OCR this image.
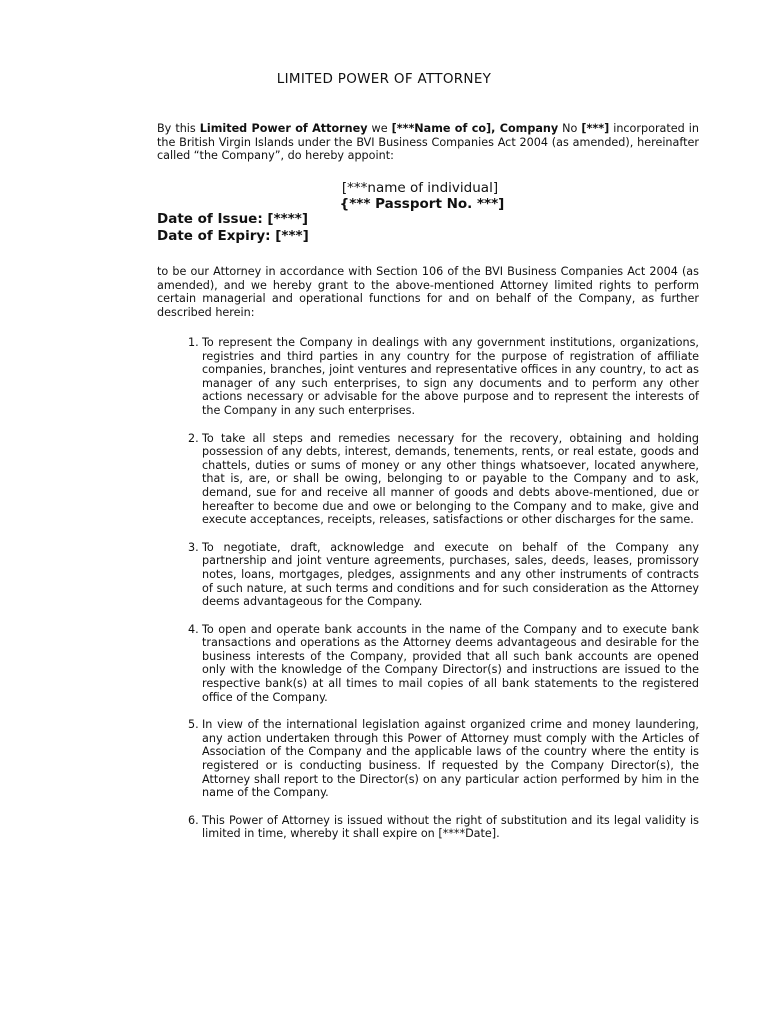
LIMITED POWER OF ATTORNEY

By this Limited Power of Attorney we [***Name of co], Company No [***] incorporated in the British Virgin Islands under the BVI Business Companies Act 2004 (as amended), hereinafter called “the Company”, do hereby appoint:

[***name of individual]
{*** Passport No. ***]
Date of Issue: [****]
Date of Expiry: [***]

to be our Attorney in accordance with Section 106 of the BVI Business Companies Act 2004 (as amended), and we hereby grant to the above-mentioned Attorney limited rights to perform certain managerial and operational functions for and on behalf of the Company, as further described herein:

1. To represent the Company in dealings with any government institutions, organizations, registries and third parties in any country for the purpose of registration of affiliate companies, branches, joint ventures and representative offices in any country, to act as manager of any such enterprises, to sign any documents and to perform any other actions necessary or advisable for the above purpose and to represent the interests of the Company in any such enterprises.
2. To take all steps and remedies necessary for the recovery, obtaining and holding possession of any debts, interest, demands, tenements, rents, or real estate, goods and chattels, duties or sums of money or any other things whatsoever, located anywhere, that is, are, or shall be owing, belonging to or payable to the Company and to ask, demand, sue for and receive all manner of goods and debts above-mentioned, due or hereafter to become due and owe or belonging to the Company and to make, give and execute acceptances, receipts, releases, satisfactions or other discharges for the same.
3. To negotiate, draft, acknowledge and execute on behalf of the Company any partnership and joint venture agreements, purchases, sales, deeds, leases, promissory notes, loans, mortgages, pledges, assignments and any other instruments of contracts of such nature, at such terms and conditions and for such consideration as the Attorney deems advantageous for the Company.
4. To open and operate bank accounts in the name of the Company and to execute bank transactions and operations as the Attorney deems advantageous and desirable for the business interests of the Company, provided that all such bank accounts are opened only with the knowledge of the Company Director(s) and instructions are issued to the respective bank(s) at all times to mail copies of all bank statements to the registered office of the Company.
5. In view of the international legislation against organized crime and money laundering, any action undertaken through this Power of Attorney must comply with the Articles of Association of the Company and the applicable laws of the country where the entity is registered or is conducting business. If requested by the Company Director(s), the Attorney shall report to the Director(s) on any particular action performed by him in the name of the Company.
6. This Power of Attorney is issued without the right of substitution and its legal validity is limited in time, whereby it shall expire on [****Date].
